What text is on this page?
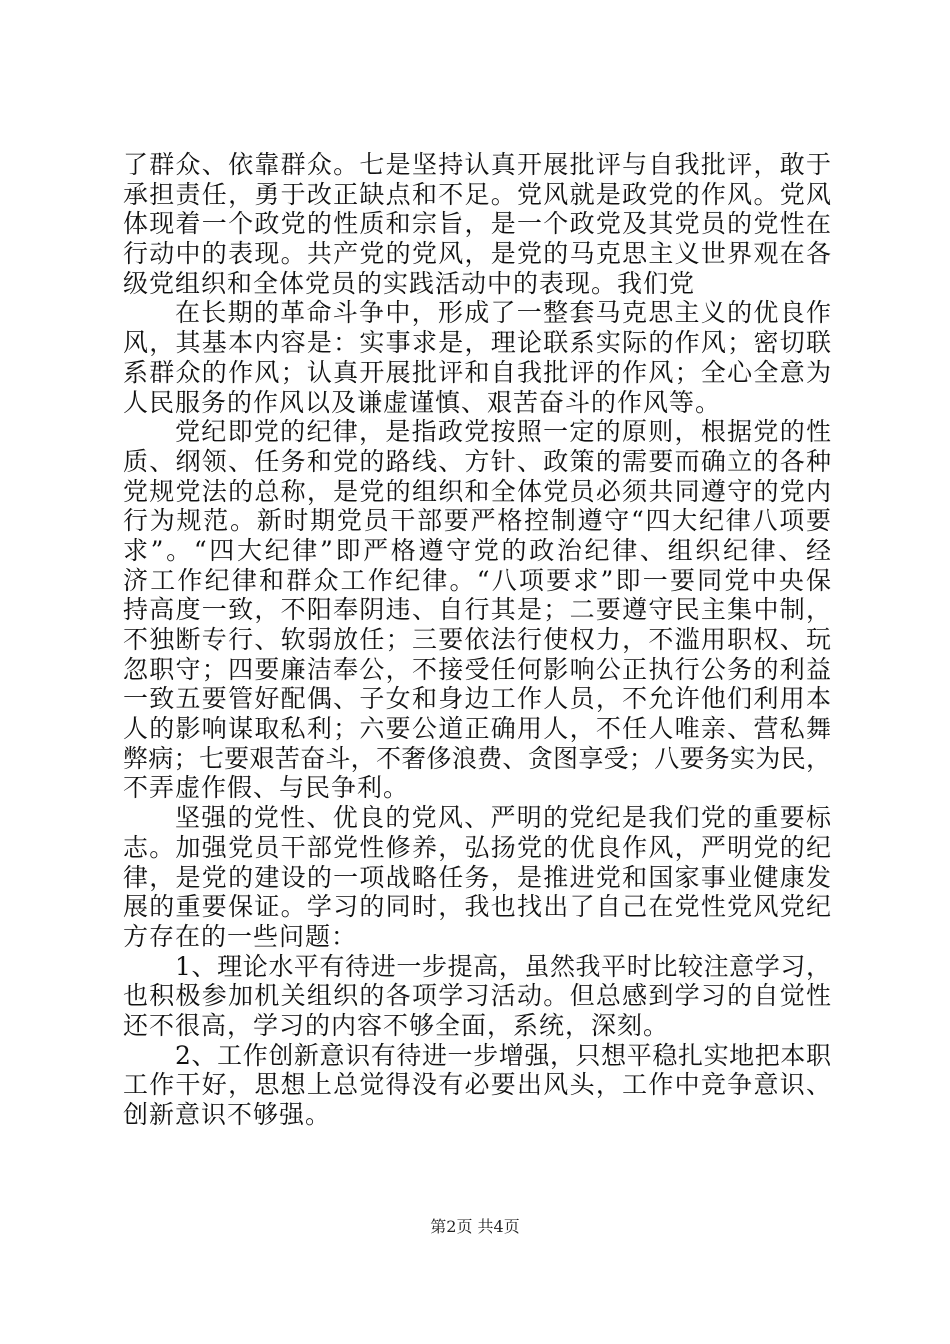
了群众、依靠群众。七是坚持认真开展批评与自我批评，敢于
承担责任，勇于改正缺点和不足。党风就是政党的作风。党风
体现着一个政党的性质和宗旨，是一个政党及其党员的党性在
行动中的表现。共产党的党风，是党的马克思主义世界观在各
级党组织和全体党员的实践活动中的表现。我们党
在长期的革命斗争中，形成了一整套马克思主义的优良作
风，其基本内容是：实事求是，理论联系实际的作风；密切联
系群众的作风；认真开展批评和自我批评的作风；全心全意为
人民服务的作风以及谦虚谨慎、艰苦奋斗的作风等。
党纪即党的纪律，是指政党按照一定的原则，根据党的性
质、纲领、任务和党的路线、方针、政策的需要而确立的各种
党规党法的总称，是党的组织和全体党员必须共同遵守的党内
行为规范。新时期党员干部要严格控制遵守“四大纪律八项要
求”。“四大纪律”即严格遵守党的政治纪律、组织纪律、经
济工作纪律和群众工作纪律。“八项要求”即一要同党中央保
持高度一致，不阳奉阴违、自行其是；二要遵守民主集中制，
不独断专行、软弱放任；三要依法行使权力，不滥用职权、玩
忽职守；四要廉洁奉公，不接受任何影响公正执行公务的利益
一致五要管好配偶、子女和身边工作人员，不允许他们利用本
人的影响谋取私利；六要公道正确用人，不任人唯亲、营私舞
弊病；七要艰苦奋斗，不奢侈浪费、贪图享受；八要务实为民，
不弄虚作假、与民争利。
坚强的党性、优良的党风、严明的党纪是我们党的重要标
志。加强党员干部党性修养，弘扬党的优良作风，严明党的纪
律，是党的建设的一项战略任务，是推进党和国家事业健康发
展的重要保证。学习的同时，我也找出了自己在党性党风党纪
方存在的一些问题：
1、理论水平有待进一步提高，虽然我平时比较注意学习，
也积极参加机关组织的各项学习活动。但总感到学习的自觉性
还不很高，学习的内容不够全面，系统，深刻。
2、工作创新意识有待进一步增强，只想平稳扎实地把本职
工作干好，思想上总觉得没有必要出风头，工作中竞争意识、
创新意识不够强。
第2页 共4页
